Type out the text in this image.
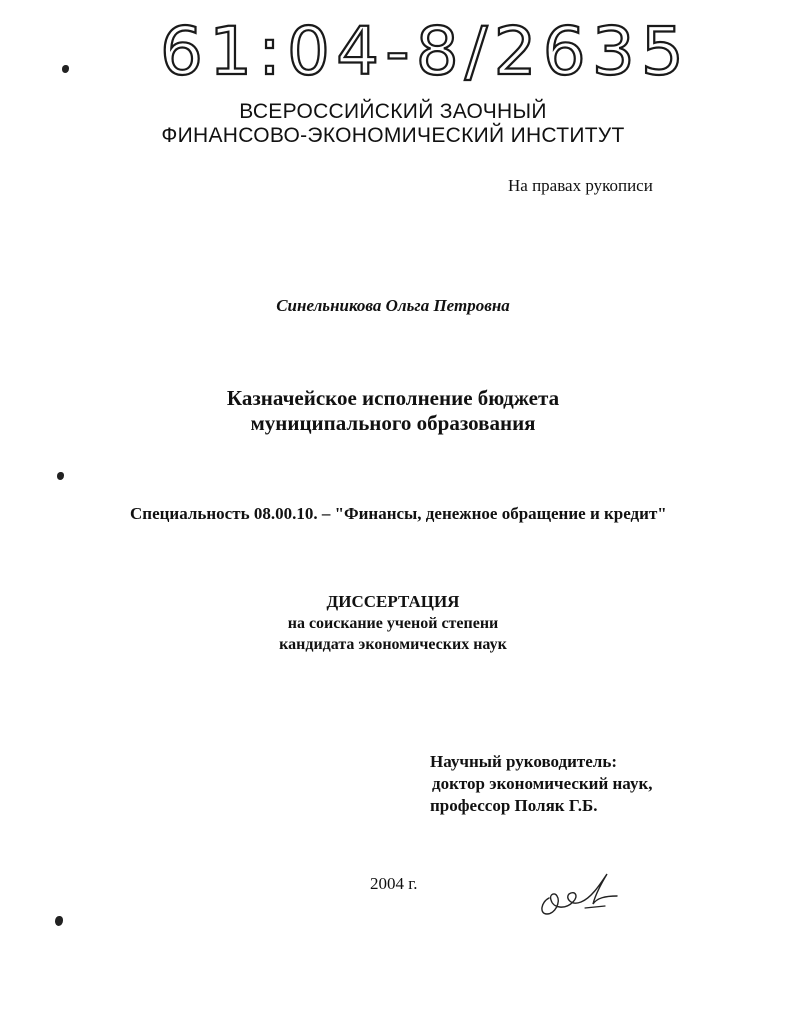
61:04-8/2635
ВСЕРОССИЙСКИЙ ЗАОЧНЫЙ
ФИНАНСОВО-ЭКОНОМИЧЕСКИЙ ИНСТИТУТ
На правах рукописи
Синельникова Ольга Петровна
Казначейское исполнение бюджета
муниципального образования
Специальность 08.00.10. – "Финансы, денежное обращение и кредит"
ДИССЕРТАЦИЯ
на соискание ученой степени
кандидата экономических наук
Научный руководитель:
доктор экономический наук,
профессор Поляк Г.Б.
2004 г.
